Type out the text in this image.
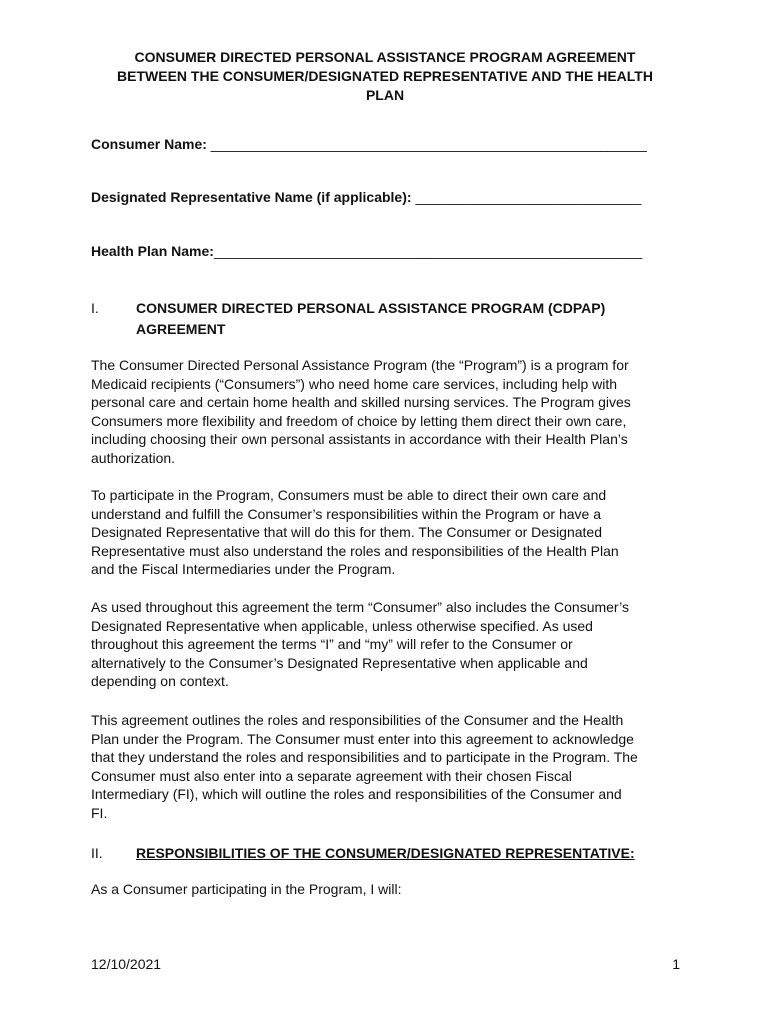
CONSUMER DIRECTED PERSONAL ASSISTANCE PROGRAM AGREEMENT
BETWEEN THE CONSUMER/DESIGNATED REPRESENTATIVE AND THE HEALTH
PLAN
Consumer Name: ________________________________________________________
Designated Representative Name (if applicable): _____________________________
Health Plan Name:_______________________________________________________
I.	CONSUMER DIRECTED PERSONAL ASSISTANCE PROGRAM (CDPAP)
AGREEMENT
The Consumer Directed Personal Assistance Program (the “Program”) is a program for
Medicaid recipients (“Consumers”) who need home care services, including help with
personal care and certain home health and skilled nursing services. The Program gives
Consumers more flexibility and freedom of choice by letting them direct their own care,
including choosing their own personal assistants in accordance with their Health Plan’s
authorization.
To participate in the Program, Consumers must be able to direct their own care and
understand and fulfill the Consumer’s responsibilities within the Program or have a
Designated Representative that will do this for them. The Consumer or Designated
Representative must also understand the roles and responsibilities of the Health Plan
and the Fiscal Intermediaries under the Program.
As used throughout this agreement the term “Consumer” also includes the Consumer’s
Designated Representative when applicable, unless otherwise specified. As used
throughout this agreement the terms “I” and “my” will refer to the Consumer or
alternatively to the Consumer’s Designated Representative when applicable and
depending on context.
This agreement outlines the roles and responsibilities of the Consumer and the Health
Plan under the Program. The Consumer must enter into this agreement to acknowledge
that they understand the roles and responsibilities and to participate in the Program. The
Consumer must also enter into a separate agreement with their chosen Fiscal
Intermediary (FI), which will outline the roles and responsibilities of the Consumer and
FI.
II. RESPONSIBILITIES OF THE CONSUMER/DESIGNATED REPRESENTATIVE:
As a Consumer participating in the Program, I will:
12/10/2021	1
